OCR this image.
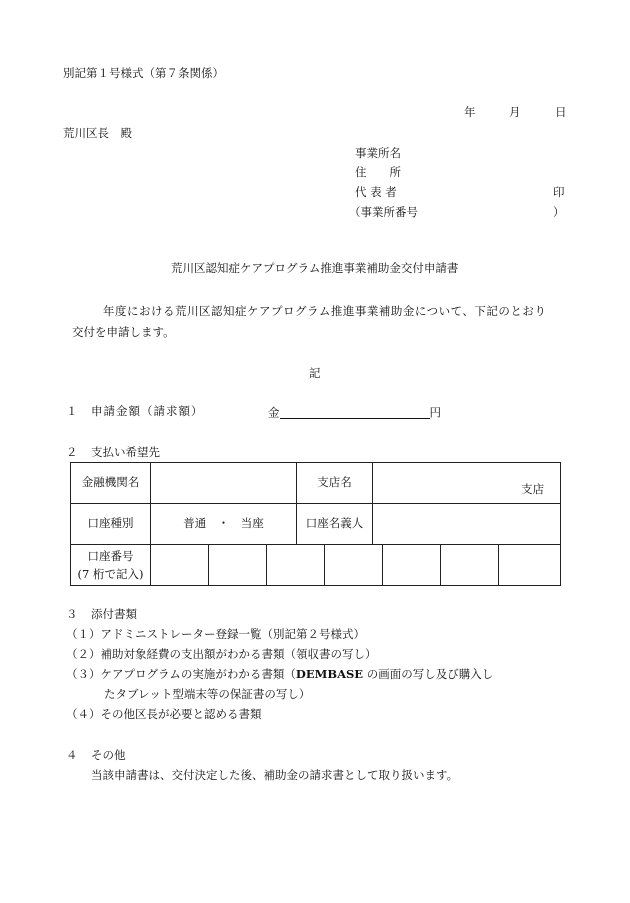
別記第１号様式（第７条関係）
年	月	日
荒川区長　殿
事業所名
住　　所
代 表 者	印
（事業所番号	）
荒川区認知症ケアプログラム推進事業補助金交付申請書
年度における荒川区認知症ケアプログラム推進事業補助金について、下記のとおり
交付を申請します。
記
１ 申請金額（請求額）	金	円
２ 支払い希望先
金融機関名				支店名		支店			

口座種別	普通　・　当座			口座名義人					

口座番号
(7 桁で記入)									

３ 添付書類
（１）アドミニストレーター登録一覧（別記第２号様式）
（２）補助対象経費の支出額がわかる書類（領収書の写し）
（３）ケアプログラムの実施がわかる書類（DEMBASE の画面の写し及び購入し
たタブレット型端末等の保証書の写し）
（４）その他区長が必要と認める書類
４ その他
当該申請書は、交付決定した後、補助金の請求書として取り扱います。
